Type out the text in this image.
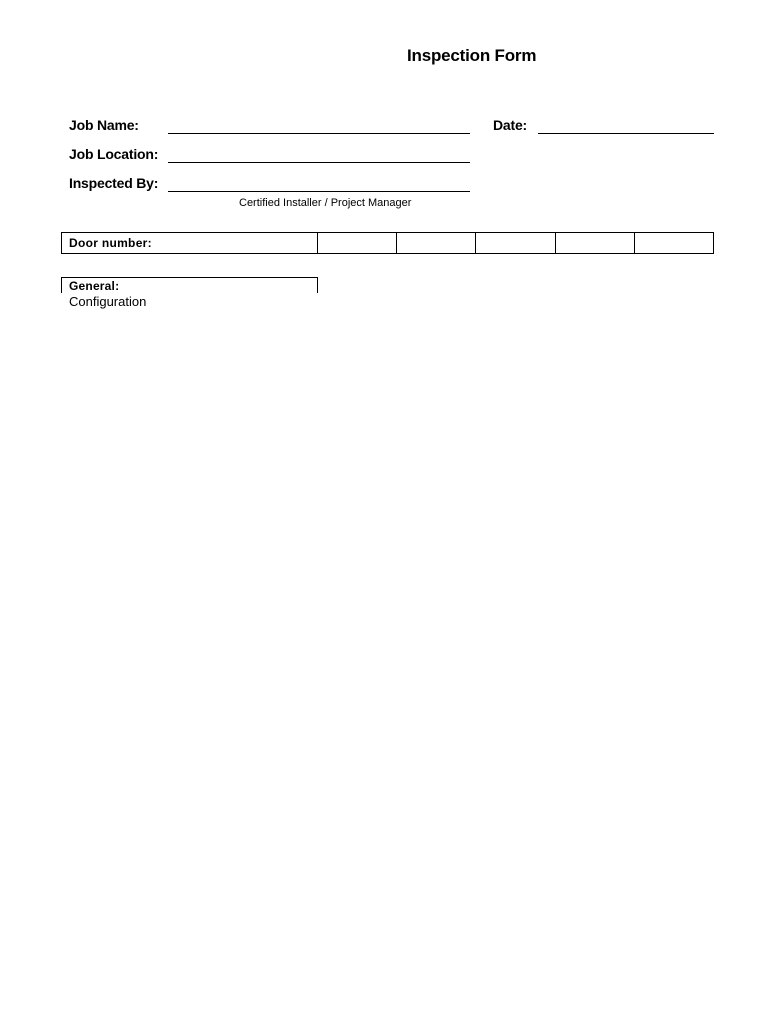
Inspection Form
Job Name:	Date:
Job Location:
Inspected By:
Certified Installer / Project Manager
Door number:
General:
Configuration
